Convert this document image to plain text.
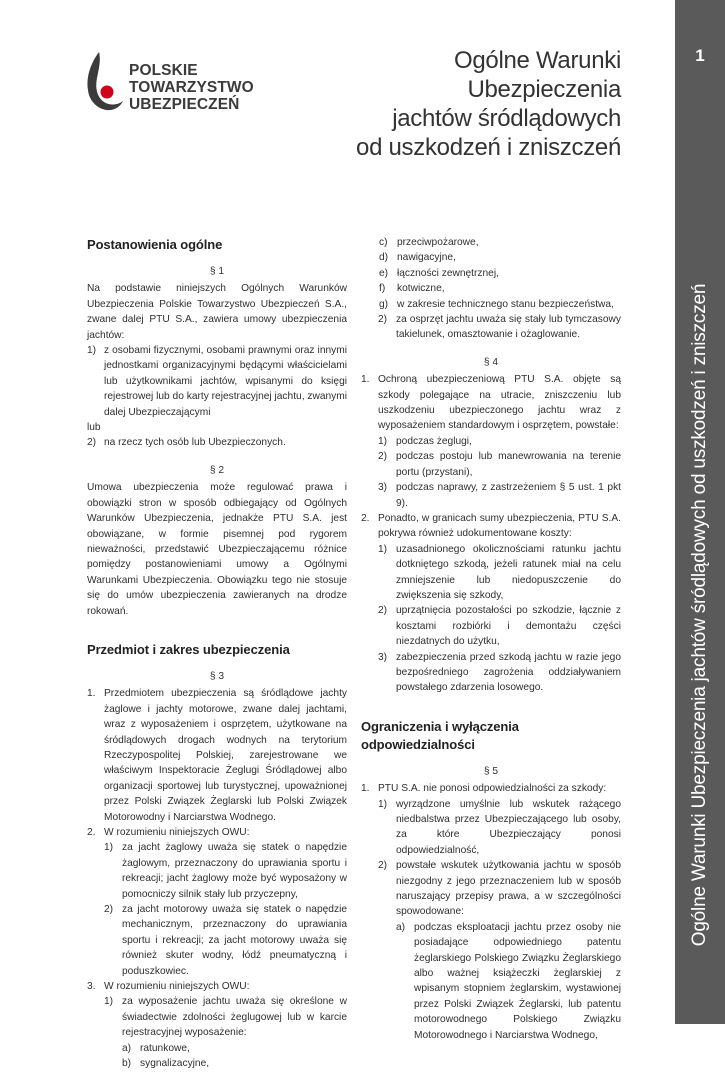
POLSKIE
TOWARZYSTWO
UBEZPIECZEŃ
Ogólne Warunki
Ubezpieczenia
jachtów śródlądowych
od uszkodzeń i zniszczeń
1
Ogólne Warunki Ubezpieczenia jachtów śródlądowych od uszkodzeń i zniszczeń
Postanowienia ogólne
§ 1

Na podstawie niniejszych Ogólnych Warunków Ubezpieczenia Polskie Towarzystwo Ubezpieczeń S.A., zwane dalej PTU S.A., zawiera umowy ubezpieczenia jachtów:

1) z osobami fizycznymi, osobami prawnymi oraz innymi jednostkami organizacyjnymi będącymi właścicielami lub użytkownikami jachtów, wpisanymi do księgi rejestrowej lub do karty rejestracyjnej jachtu, zwanymi dalej Ubezpieczającymi

lub

2) na rzecz tych osób lub Ubezpieczonych.
§ 2

Umowa ubezpieczenia może regulować prawa i obowiązki stron w sposób odbiegający od Ogólnych Warunków Ubezpieczenia, jednakże PTU S.A. jest obowiązane, w formie pisemnej pod rygorem nieważności, przedstawić Ubezpieczającemu różnice pomiędzy postanowieniami umowy a Ogólnymi Warunkami Ubezpieczenia. Obowiązku tego nie stosuje się do umów ubezpieczenia zawieranych na drodze rokowań.

Przedmiot i zakres ubezpieczenia
§ 3
1. Przedmiotem ubezpieczenia są śródlądowe jachty żaglowe i jachty motorowe, zwane dalej jachtami, wraz z wyposażeniem i osprzętem, użytkowane na śródlądowych drogach wodnych na terytorium Rzeczypospolitej Polskiej, zarejestrowane we właściwym Inspektoracie Żeglugi Śródlądowej albo organizacji sportowej lub turystycznej, upoważnionej przez Polski Związek Żeglarski lub Polski Związek Motorowodny i Narciarstwa Wodnego.
2. W rozumieniu niniejszych OWU:
1) za jacht żaglowy uważa się statek o napędzie żaglowym, przeznaczony do uprawiania sportu i rekreacji; jacht żaglowy może być wyposażony w pomocniczy silnik stały lub przyczepny,
2) za jacht motorowy uważa się statek o napędzie mechanicznym, przeznaczony do uprawiania sportu i rekreacji; za jacht motorowy uważa się również skuter wodny, łódź pneumatyczną i poduszkowiec.
3. W rozumieniu niniejszych OWU:
1) za wyposażenie jachtu uważa się określone w świadectwie zdolności żeglugowej lub w karcie rejestracyjnej wyposażenie:
a) ratunkowe,
b) sygnalizacyjne,
c) przeciwpożarowe,
d) nawigacyjne,
e) łączności zewnętrznej,
f) kotwiczne,
g) w zakresie technicznego stanu bezpieczeństwa,
2) za osprzęt jachtu uważa się stały lub tymczasowy takielunek, omasztowanie i ożaglowanie.
§ 4
1. Ochroną ubezpieczeniową PTU S.A. objęte są szkody polegające na utracie, zniszczeniu lub uszkodzeniu ubezpieczonego jachtu wraz z wyposażeniem standardowym i osprzętem, powstałe:
1) podczas żeglugi,
2) podczas postoju lub manewrowania na terenie portu (przystani),
3) podczas naprawy, z zastrzeżeniem § 5 ust. 1 pkt 9).
2. Ponadto, w granicach sumy ubezpieczenia, PTU S.A. pokrywa również udokumentowane koszty:
1) uzasadnionego okolicznościami ratunku jachtu dotkniętego szkodą, jeżeli ratunek miał na celu zmniejszenie lub niedopuszczenie do zwiększenia się szkody,
2) uprzątnięcia pozostałości po szkodzie, łącznie z kosztami rozbiórki i demontażu części niezdatnych do użytku,
3) zabezpieczenia przed szkodą jachtu w razie jego bezpośredniego zagrożenia oddziaływaniem powstałego zdarzenia losowego.
Ograniczenia i wyłączenia odpowiedzialności
§ 5
1. PTU S.A. nie ponosi odpowiedzialności za szkody:
1) wyrządzone umyślnie lub wskutek rażącego niedbalstwa przez Ubezpieczającego lub osoby, za które Ubezpieczający ponosi odpowiedzialność,
2) powstałe wskutek użytkowania jachtu w sposób niezgodny z jego przeznaczeniem lub w sposób naruszający przepisy prawa, a w szczególności spowodowane:
a) podczas eksploatacji jachtu przez osoby nie posiadające odpowiedniego patentu żeglarskiego Polskiego Związku Żeglarskiego albo ważnej książeczki żeglarskiej z wpisanym stopniem żeglarskim, wystawionej przez Polski Związek Żeglarski, lub patentu motorowodnego Polskiego Związku Motorowodnego i Narciarstwa Wodnego,
